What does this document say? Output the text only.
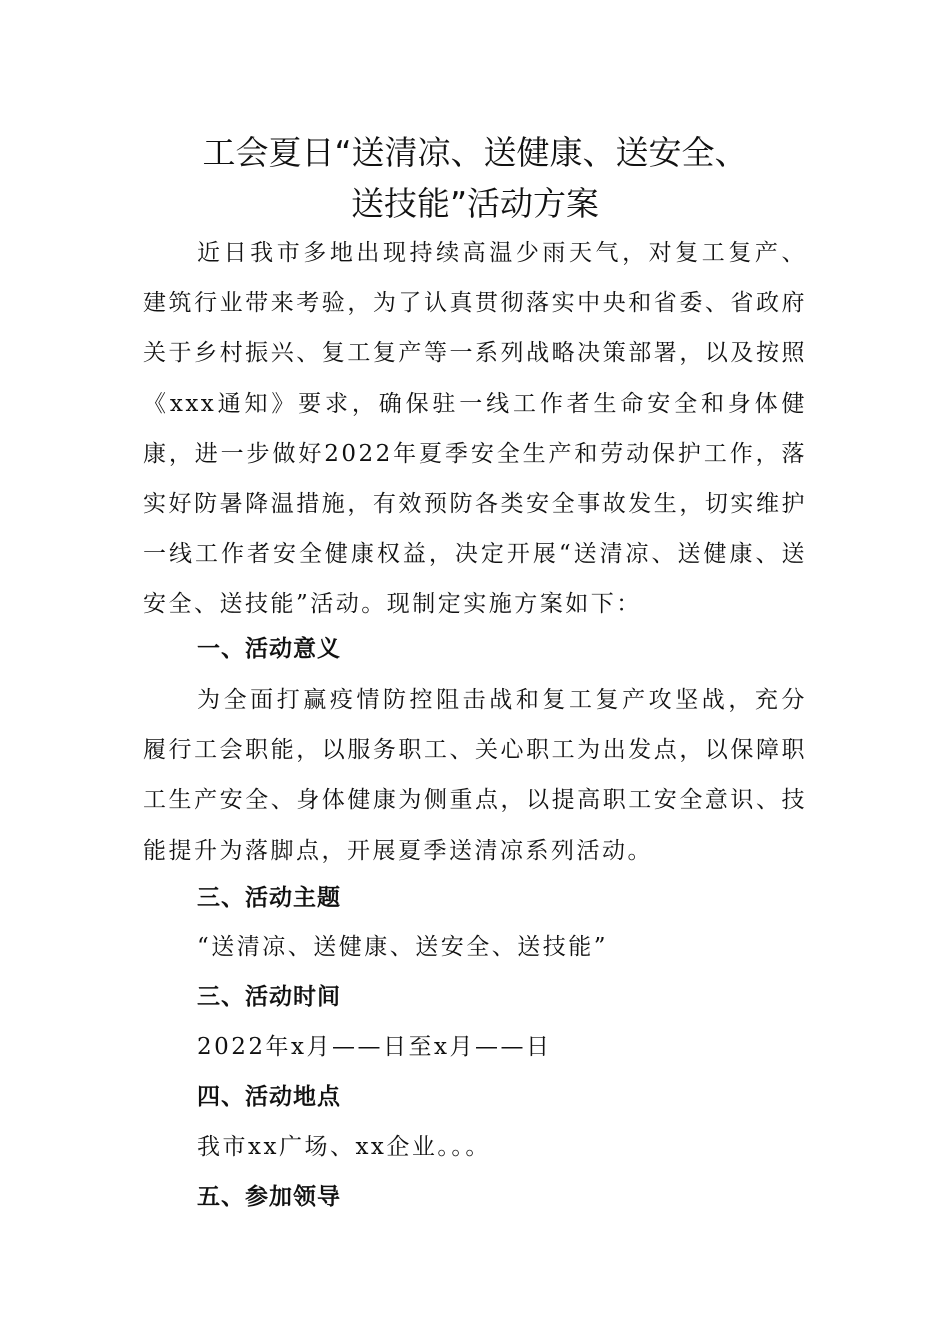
工会夏日“送清凉、送健康、送安全、
送技能”活动方案

近日我市多地出现持续高温少雨天气，对复工复产、建筑行业带来考验，为了认真贯彻落实中央和省委、省政府关于乡村振兴、复工复产等一系列战略决策部署，以及按照《xxx通知》要求，确保驻一线工作者生命安全和身体健康，进一步做好2022年夏季安全生产和劳动保护工作，落实好防暑降温措施，有效预防各类安全事故发生，切实维护一线工作者安全健康权益，决定开展“送清凉、送健康、送安全、送技能”活动。现制定实施方案如下：

一、活动意义

为全面打赢疫情防控阻击战和复工复产攻坚战，充分履行工会职能，以服务职工、关心职工为出发点，以保障职工生产安全、身体健康为侧重点，以提高职工安全意识、技能提升为落脚点，开展夏季送清凉系列活动。

三、活动主题
“送清凉、送健康、送安全、送技能”
三、活动时间
2022年x月——日至x月——日
四、活动地点
我市xx广场、xx企业。。。
五、参加领导
